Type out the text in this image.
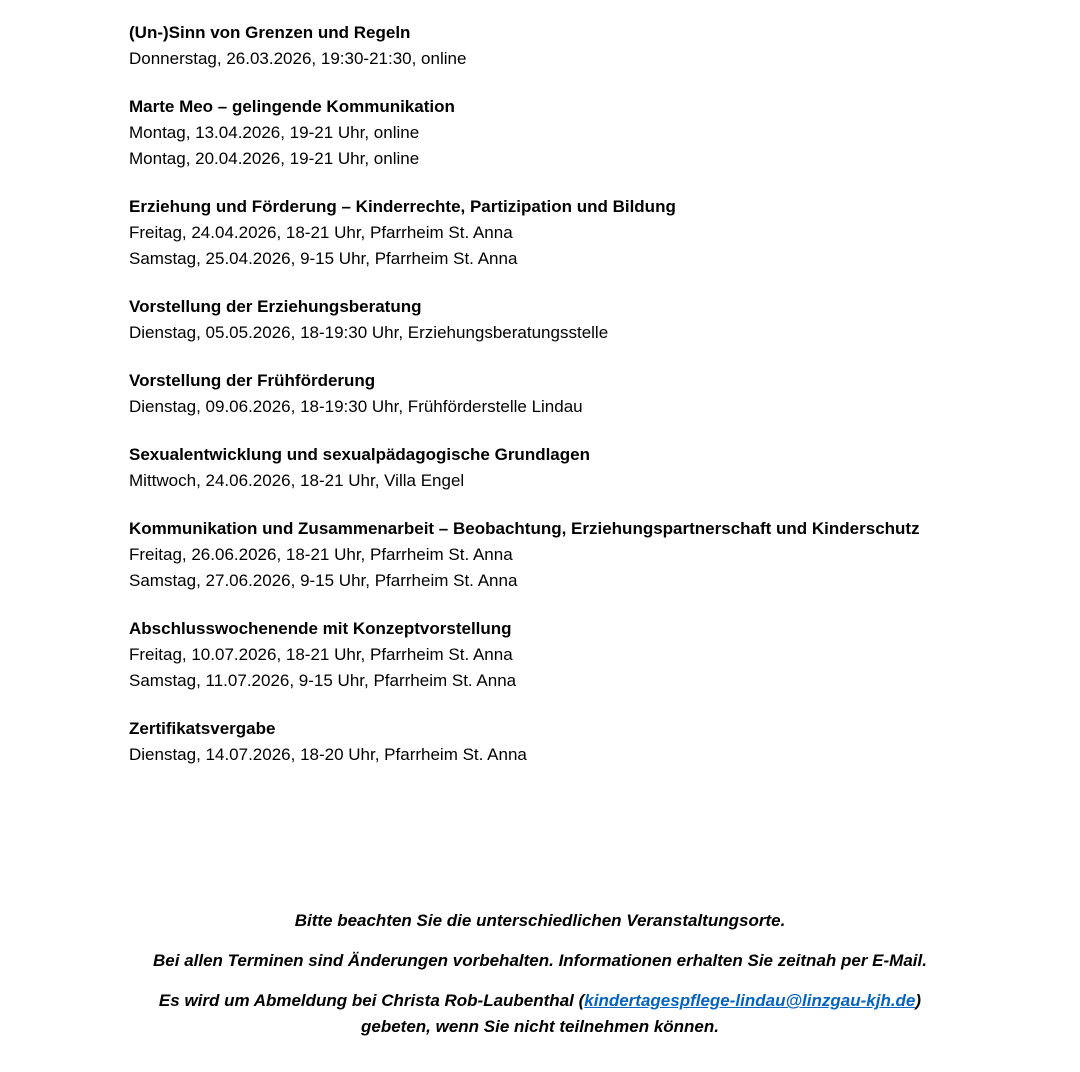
(Un-)Sinn von Grenzen und Regeln
Donnerstag, 26.03.2026, 19:30-21:30, online
Marte Meo – gelingende Kommunikation
Montag, 13.04.2026, 19-21 Uhr, online
Montag, 20.04.2026, 19-21 Uhr, online
Erziehung und Förderung – Kinderrechte, Partizipation und Bildung
Freitag, 24.04.2026, 18-21 Uhr, Pfarrheim St. Anna
Samstag, 25.04.2026, 9-15 Uhr, Pfarrheim St. Anna
Vorstellung der Erziehungsberatung
Dienstag, 05.05.2026, 18-19:30 Uhr, Erziehungsberatungsstelle
Vorstellung der Frühförderung
Dienstag, 09.06.2026, 18-19:30 Uhr, Frühförderstelle Lindau
Sexualentwicklung und sexualpädagogische Grundlagen
Mittwoch, 24.06.2026, 18-21 Uhr, Villa Engel
Kommunikation und Zusammenarbeit – Beobachtung, Erziehungspartnerschaft und Kinderschutz
Freitag, 26.06.2026, 18-21 Uhr, Pfarrheim St. Anna
Samstag, 27.06.2026, 9-15 Uhr, Pfarrheim St. Anna
Abschlusswochenende mit Konzeptvorstellung
Freitag, 10.07.2026, 18-21 Uhr, Pfarrheim St. Anna
Samstag, 11.07.2026, 9-15 Uhr, Pfarrheim St. Anna
Zertifikatsvergabe
Dienstag, 14.07.2026, 18-20 Uhr, Pfarrheim St. Anna
Bitte beachten Sie die unterschiedlichen Veranstaltungsorte.
Bei allen Terminen sind Änderungen vorbehalten. Informationen erhalten Sie zeitnah per E-Mail.
Es wird um Abmeldung bei Christa Rob-Laubenthal (kindertagespflege-lindau@linzgau-kjh.de)
gebeten, wenn Sie nicht teilnehmen können.
